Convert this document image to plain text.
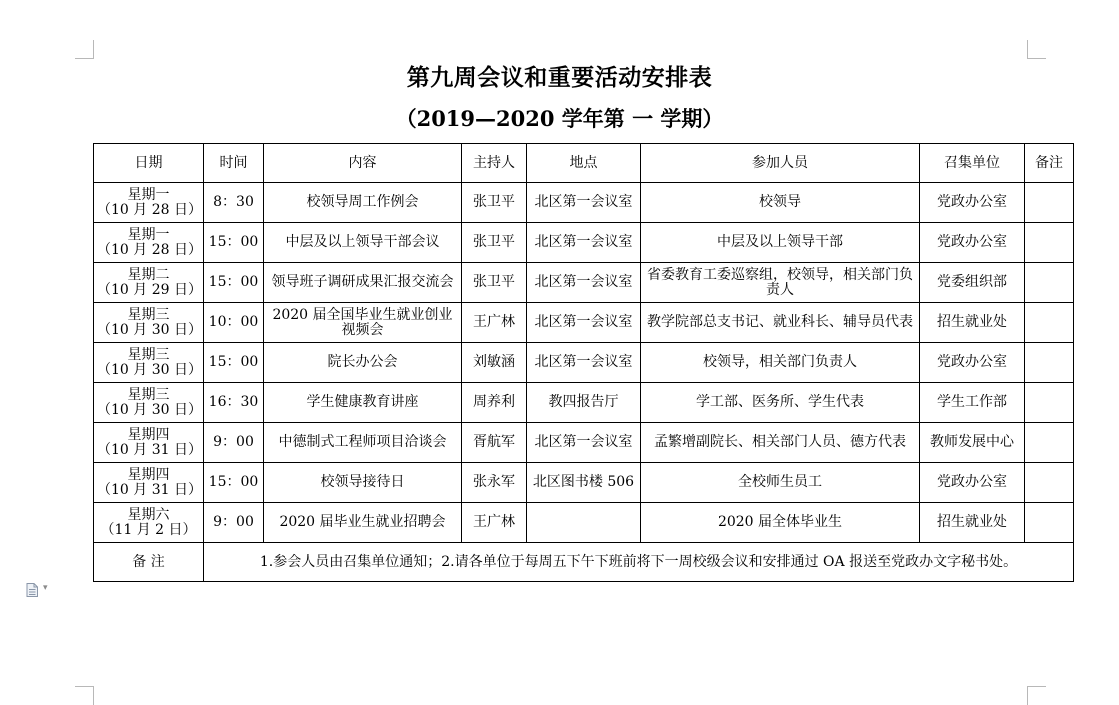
第九周会议和重要活动安排表
（2019—2020 学年第 一 学期）
日期	时间	内容	主持人	地点	参加人员	召集单位	备注

星期一
（10 月 28 日）	8：30	校领导周工作例会	张卫平	北区第一会议室	校领导	党政办公室	

星期一
（10 月 28 日）	15：00	中层及以上领导干部会议	张卫平	北区第一会议室	中层及以上领导干部	党政办公室	

星期二
（10 月 29 日）	15：00	领导班子调研成果汇报交流会	张卫平	北区第一会议室	省委教育工委巡察组，校领导，相关部门负责人	党委组织部	

星期三
（10 月 30 日）	10：00	2020 届全国毕业生就业创业视频会	王广林	北区第一会议室	教学院部总支书记、就业科长、辅导员代表	招生就业处	

星期三
（10 月 30 日）	15：00	院长办公会	刘敏涵	北区第一会议室	校领导，相关部门负责人	党政办公室	

星期三
（10 月 30 日）	16：30	学生健康教育讲座	周养利	教四报告厅	学工部、医务所、学生代表	学生工作部	

星期四
（10 月 31 日）	9：00	中德制式工程师项目洽谈会	胥航军	北区第一会议室	孟繁增副院长、相关部门人员、德方代表	教师发展中心	

星期四
（10 月 31 日）	15：00	校领导接待日	张永军	北区图书楼 506	全校师生员工	党政办公室	

星期六
（11 月 2 日）	9：00	2020 届毕业生就业招聘会	王广林		2020 届全体毕业生	招生就业处	
备 注	1.参会人员由召集单位通知；2.请各单位于每周五下午下班前将下一周校级会议和安排通过 OA 报送至党政办文字秘书处。						
▾
